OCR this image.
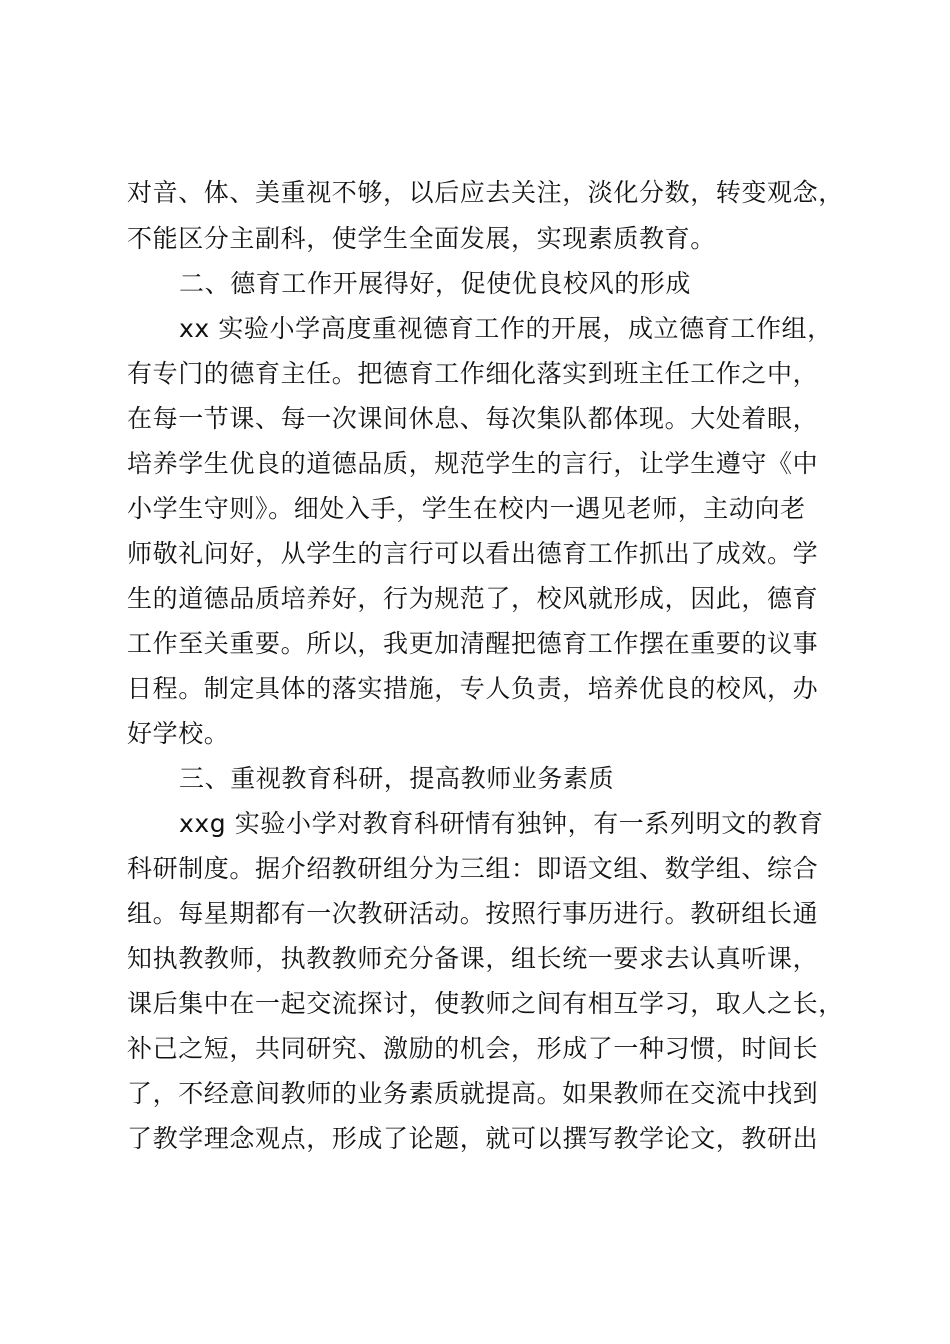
对音、体、美重视不够，以后应去关注，淡化分数，转变观念，
不能区分主副科，使学生全面发展，实现素质教育。
二、德育工作开展得好，促使优良校风的形成
xx 实验小学高度重视德育工作的开展，成立德育工作组，
有专门的德育主任。把德育工作细化落实到班主任工作之中，
在每一节课、每一次课间休息、每次集队都体现。大处着眼，
培养学生优良的道德品质，规范学生的言行，让学生遵守《中
小学生守则》。细处入手，学生在校内一遇见老师，主动向老
师敬礼问好，从学生的言行可以看出德育工作抓出了成效。学
生的道德品质培养好，行为规范了，校风就形成，因此，德育
工作至关重要。所以，我更加清醒把德育工作摆在重要的议事
日程。制定具体的落实措施，专人负责，培养优良的校风，办
好学校。
三、重视教育科研，提高教师业务素质
xxg 实验小学对教育科研情有独钟，有一系列明文的教育
科研制度。据介绍教研组分为三组：即语文组、数学组、综合
组。每星期都有一次教研活动。按照行事历进行。教研组长通
知执教教师，执教教师充分备课，组长统一要求去认真听课，
课后集中在一起交流探讨，使教师之间有相互学习，取人之长，
补己之短，共同研究、激励的机会，形成了一种习惯，时间长
了，不经意间教师的业务素质就提高。如果教师在交流中找到
了教学理念观点，形成了论题，就可以撰写教学论文，教研出
